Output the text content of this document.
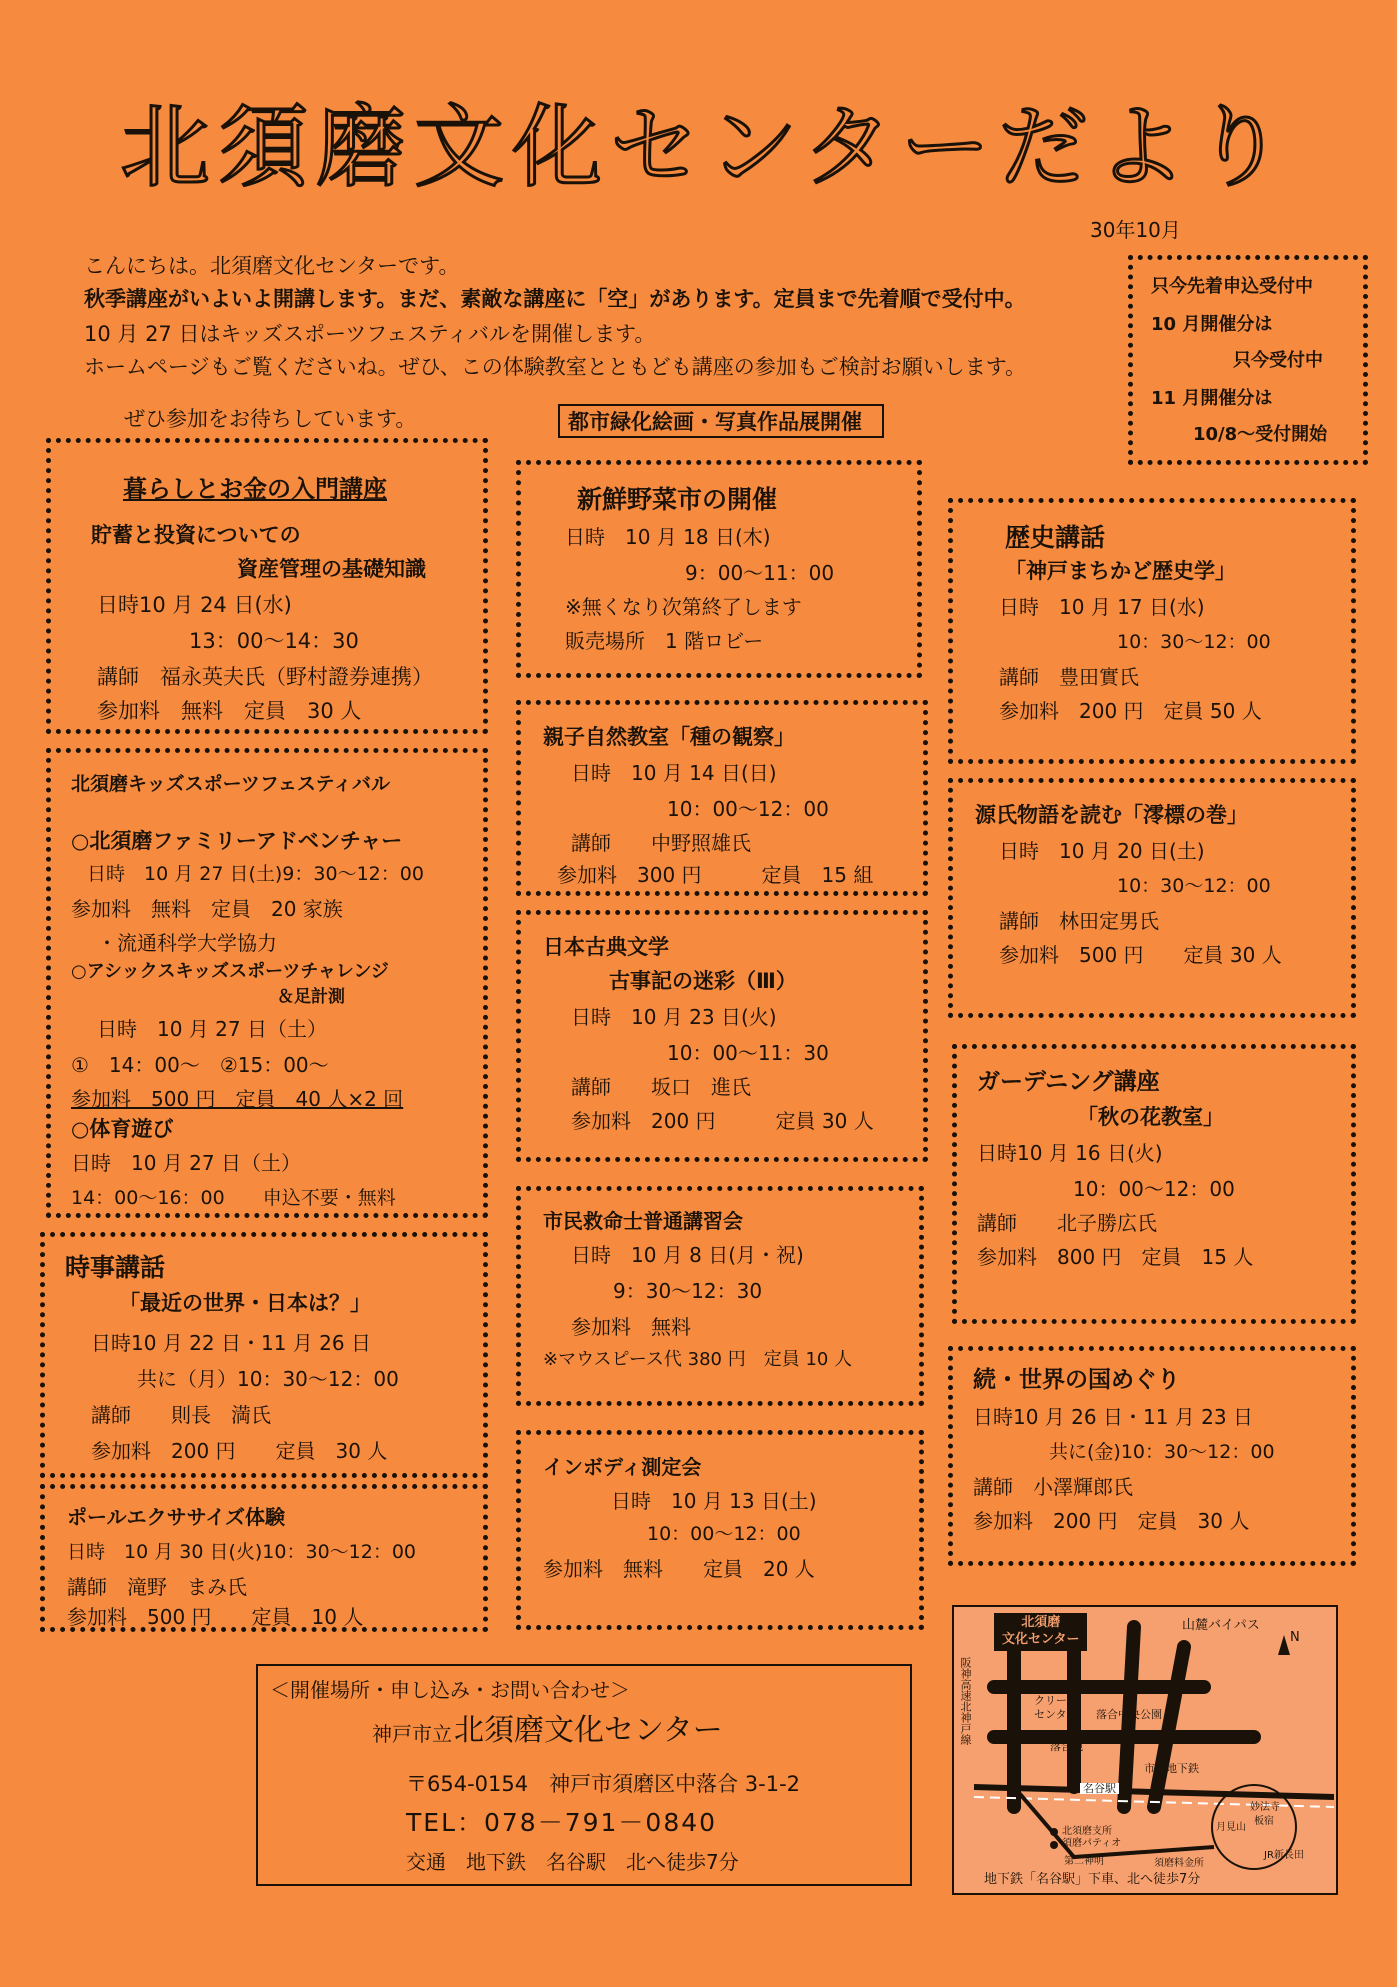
北須磨文化センターだより
30年10月
こんにちは。北須磨文化センターです。
秋季講座がいよいよ開講します。まだ、素敵な講座に「空」があります。定員まで先着順で受付中。
10 月 27 日はキッズスポーツフェスティバルを開催します。
ホームページもご覧くださいね。ぜひ、この体験教室とともども講座の参加もご検討お願いします。
ぜひ参加をお待ちしています。
只今先着申込受付中
10 月開催分は
只今受付中
11 月開催分は
10/8～受付開始
都市緑化絵画・写真作品展開催
暮らしとお金の入門講座
貯蓄と投資についての
資産管理の基礎知識
日時10 月 24 日(水)
13：00～14：30
講師　福永英夫氏（野村證券連携）
参加料　無料　定員　30 人
北須磨キッズスポーツフェスティバル
○北須磨ファミリーアドベンチャー
日時　10 月 27 日(土)9：30～12：00
参加料　無料　定員　20 家族
・流通科学大学協力
○アシックスキッズスポーツチャレンジ
＆足計測
日時　10 月 27 日（土）
①　14：00～　②15：00～
参加料　500 円　定員　40 人×2 回
○体育遊び
日時　10 月 27 日（土）
14：00～16：00　　申込不要・無料
時事講話
「最近の世界・日本は？」
日時10 月 22 日・11 月 26 日
共に（月）10：30～12：00
講師　　則長　満氏
参加料　200 円　　定員　30 人
ポールエクササイズ体験
日時　10 月 30 日(火)10：30～12：00
講師　滝野　まみ氏
参加料　500 円　　定員　10 人
新鮮野菜市の開催
日時　10 月 18 日(木)
9：00～11：00
※無くなり次第終了します
販売場所　1 階ロビー
親子自然教室「種の観察」
日時　10 月 14 日(日)
10：00～12：00
講師　　中野照雄氏
参加料　300 円　　　定員　15 組
日本古典文学
古事記の迷彩（Ⅲ）
日時　10 月 23 日(火)
10：00～11：30
講師　　坂口　進氏
参加料　200 円　　　定員 30 人
市民救命士普通講習会
日時　10 月 8 日(月・祝)
9：30～12：30
参加料　無料
※マウスピース代 380 円　定員 10 人
インボディ測定会
日時　10 月 13 日(土)
10：00～12：00
参加料　無料　　定員　20 人
歴史講話
「神戸まちかど歴史学」
日時　10 月 17 日(水)
10：30～12：00
講師　豊田實氏
参加料　200 円　定員 50 人
源氏物語を読む「澪標の巻」
日時　10 月 20 日(土)
10：30～12：00
講師　林田定男氏
参加料　500 円　　定員 30 人
ガーデニング講座
「秋の花教室」
日時10 月 16 日(火)
10：00～12：00
講師　　北子勝広氏
参加料　800 円　定員　15 人
続・世界の国めぐり
日時10 月 26 日・11 月 23 日
共に(金)10：30～12：00
講師　小澤輝郎氏
参加料　200 円　定員　30 人
＜開催場所・申し込み・お問い合わせ＞
神戸市立 北須磨文化センター
〒654-0154　神戸市須磨区中落合 3-1-2
TEL：078－791－0840
交通　地下鉄　名谷駅　北へ徒歩7分
北須磨
文化センター
山麓バイパス
N
阪神高速北神戸線	クリーン
センター 落合中央公園
落合池
市営地下鉄
名谷駅
北須磨支所
須磨パティオ
第二神明
妙法寺
板宿
月見山
JR新長田
須磨料金所
地下鉄「名谷駅」下車、北へ徒歩7分
